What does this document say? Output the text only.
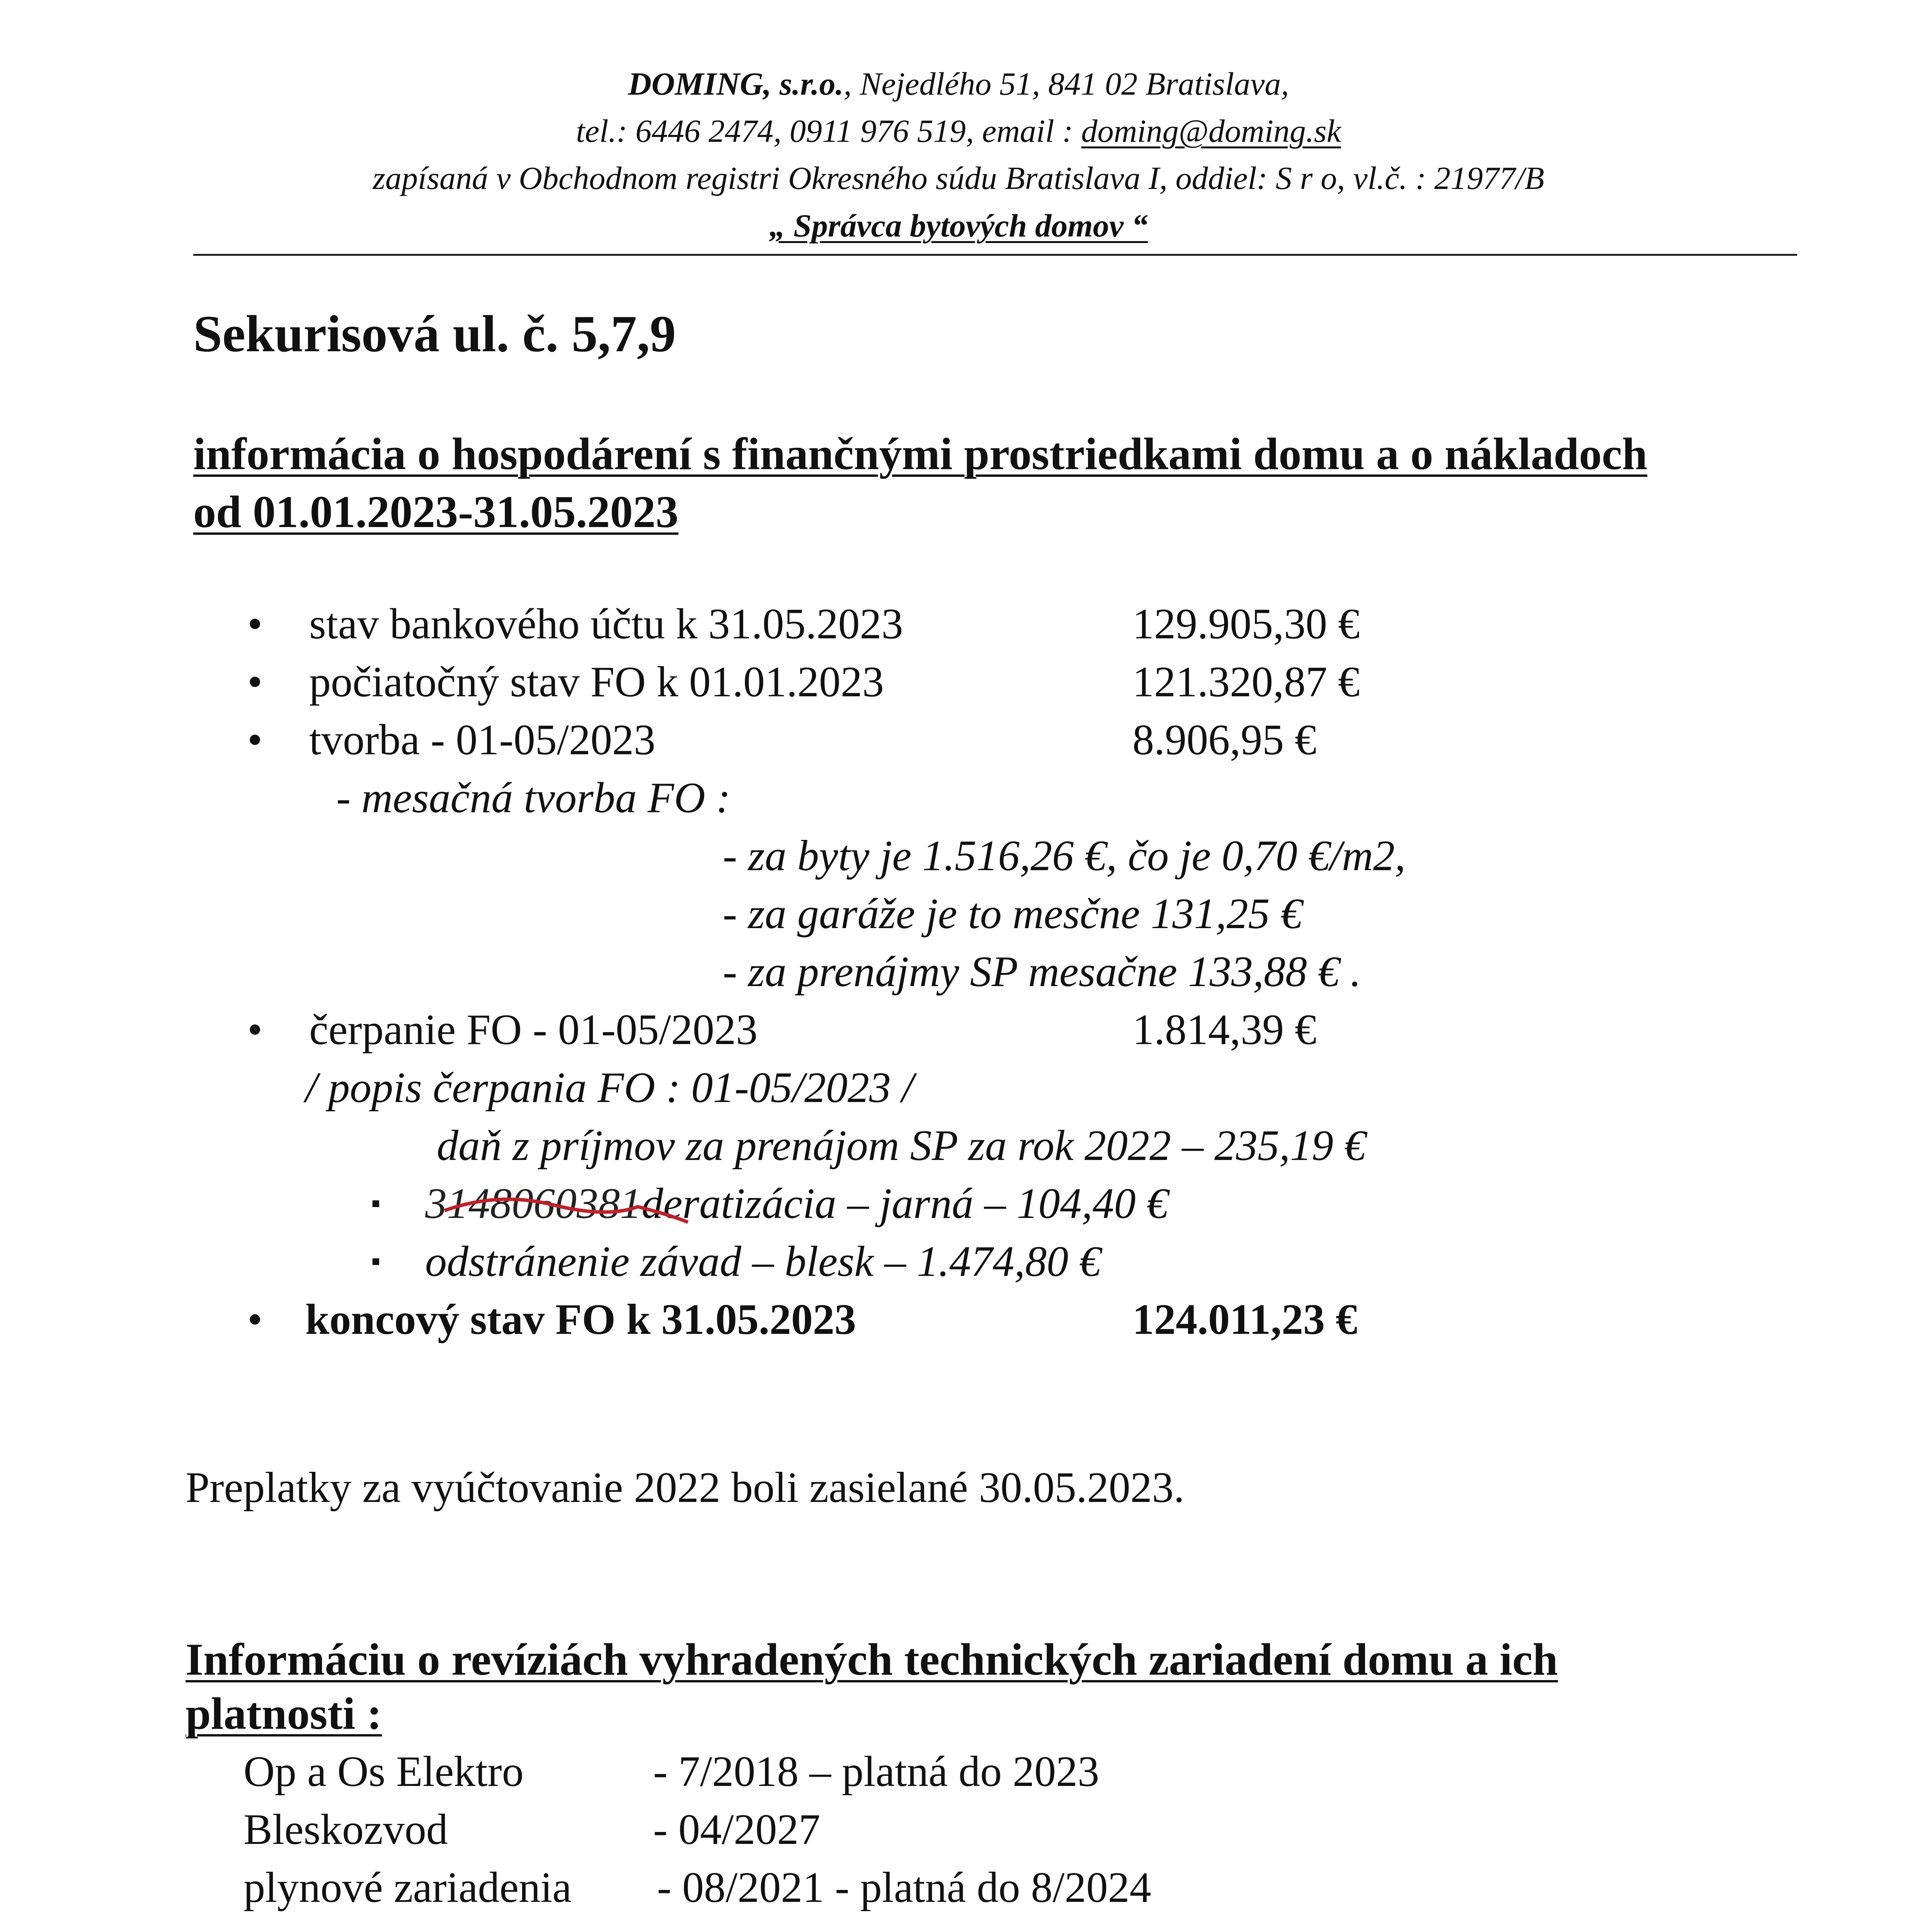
DOMING, s.r.o., Nejedlého 51, 841 02 Bratislava,
tel.: 6446 2474, 0911 976 519, email : doming@doming.sk
zapísaná v Obchodnom registri Okresného súdu Bratislava I, oddiel: S r o, vl.č. : 21977/B
„ Správca bytových domov “
Sekurisová ul. č. 5,7,9
informácia o hospodárení s finančnými prostriedkami domu a o nákladoch
od 01.01.2023-31.05.2023
• stav bankového účtu k 31.05.2023	129.905,30 €
• počiatočný stav FO k 01.01.2023	121.320,87 €
• tvorba - 01-05/2023	8.906,95 €
- mesačná tvorba FO :
- za byty je 1.516,26 €, čo je 0,70 €/m2,
- za garáže je to mesčne 131,25 €
- za prenájmy SP mesačne 133,88 € .
• čerpanie FO - 01-05/2023	1.814,39 €
/ popis čerpania FO : 01-05/2023 /
daň z príjmov za prenájom SP za rok 2022 – 235,19 €
▪ 3148060381
deratizácia – jarná – 104,40 €
▪ odstránenie závad – blesk – 1.474,80 €
• koncový stav FO k 31.05.2023	124.011,23 €
Preplatky za vyúčtovanie 2022 boli zasielané 30.05.2023.
Informáciu o revíziách vyhradených technických zariadení domu a ich
platnosti :
Op a Os Elektro	- 7/2018 – platná do 2023
Bleskozvod	- 04/2027
plynové zariadenia - 08/2021 - platná do 8/2024
